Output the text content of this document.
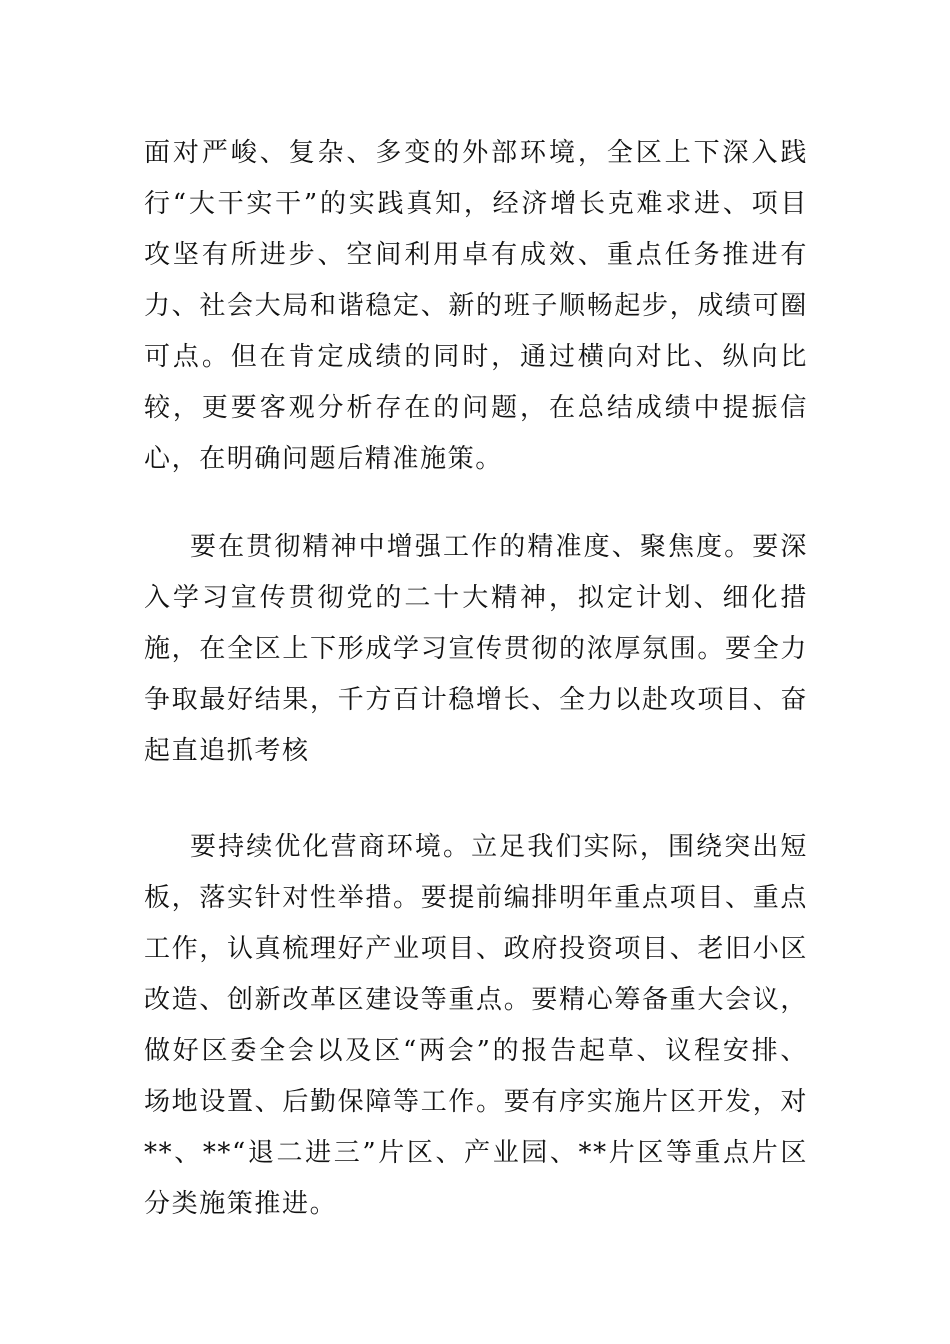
面对严峻、复杂、多变的外部环境，全区上下深入践行“大干实干”的实践真知，经济增长克难求进、项目攻坚有所进步、空间利用卓有成效、重点任务推进有力、社会大局和谐稳定、新的班子顺畅起步，成绩可圈可点。但在肯定成绩的同时，通过横向对比、纵向比较，更要客观分析存在的问题，在总结成绩中提振信心，在明确问题后精准施策。

要在贯彻精神中增强工作的精准度、聚焦度。要深入学习宣传贯彻党的二十大精神，拟定计划、细化措施，在全区上下形成学习宣传贯彻的浓厚氛围。要全力争取最好结果，千方百计稳增长、全力以赴攻项目、奋起直追抓考核

要持续优化营商环境。立足我们实际，围绕突出短板，落实针对性举措。要提前编排明年重点项目、重点工作，认真梳理好产业项目、政府投资项目、老旧小区改造、创新改革区建设等重点。要精心筹备重大会议，做好区委全会以及区“两会”的报告起草、议程安排、场地设置、后勤保障等工作。要有序实施片区开发，对**、**“退二进三”片区、产业园、**片区等重点片区分类施策推进。
